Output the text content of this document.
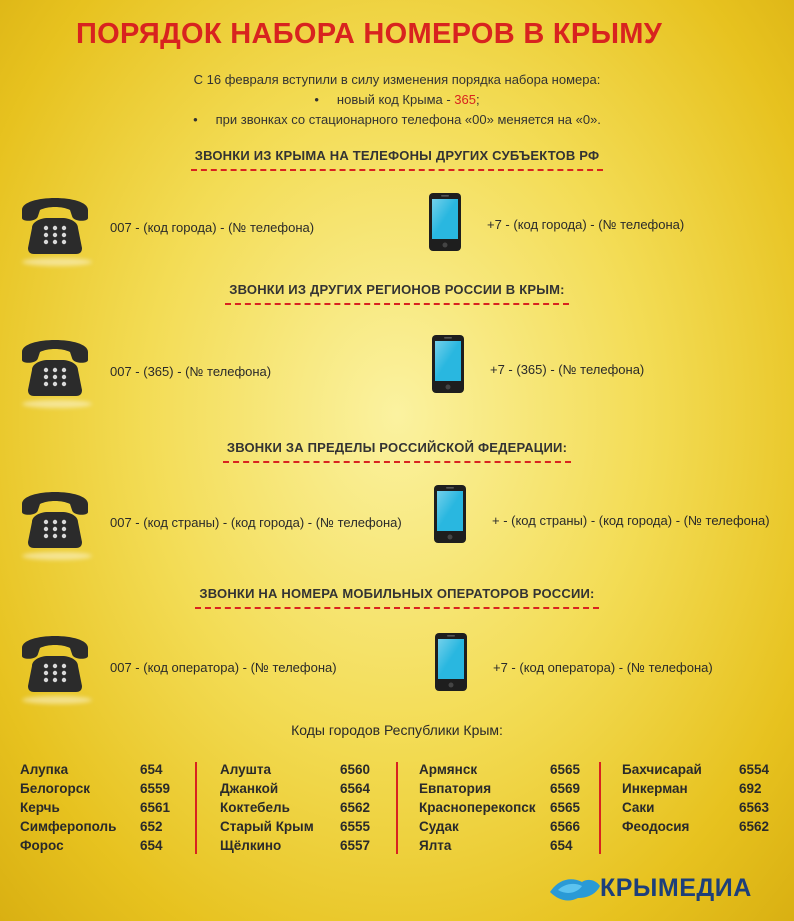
ПОРЯДОК НАБОРА НОМЕРОВ В КРЫМУ
С 16 февраля вступили в силу изменения порядка набора номера:
• новый код Крыма - 365;
• при звонках со стационарного телефона «00» меняется на «0».
ЗВОНКИ ИЗ КРЫМА НА ТЕЛЕФОНЫ ДРУГИХ СУБЪЕКТОВ РФ
ЗВОНКИ ИЗ ДРУГИХ РЕГИОНОВ РОССИИ В КРЫМ:
ЗВОНКИ ЗА ПРЕДЕЛЫ РОССИЙСКОЙ ФЕДЕРАЦИИ:
ЗВОНКИ НА НОМЕРА МОБИЛЬНЫХ ОПЕРАТОРОВ РОССИИ:
007 - (код города) - (№ телефона)	+7 - (код города) - (№ телефона)
007 - (365) - (№ телефона)	+7 - (365) - (№ телефона)
007 - (код страны) - (код города) - (№ телефона)	+ - (код страны) - (код города) - (№ телефона)
007 - (код оператора) - (№ телефона)	+7 - (код оператора) - (№ телефона)
Коды городов Республики Крым:
Алупка	654
Белогорск	6559
Керчь	6561
Симферополь 652
Форос	654
Алушта	6560
Джанкой	6564
Коктебель	6562
Старый Крым 6555
Щёлкино	6557
Армянск	6565
Евпатория	6569
Красноперекопск 6565
Судак	6566
Ялта	654
Бахчисарай	6554
Инкерман	692
Саки	6563
Феодосия	6562
КРЫМЕДИА
